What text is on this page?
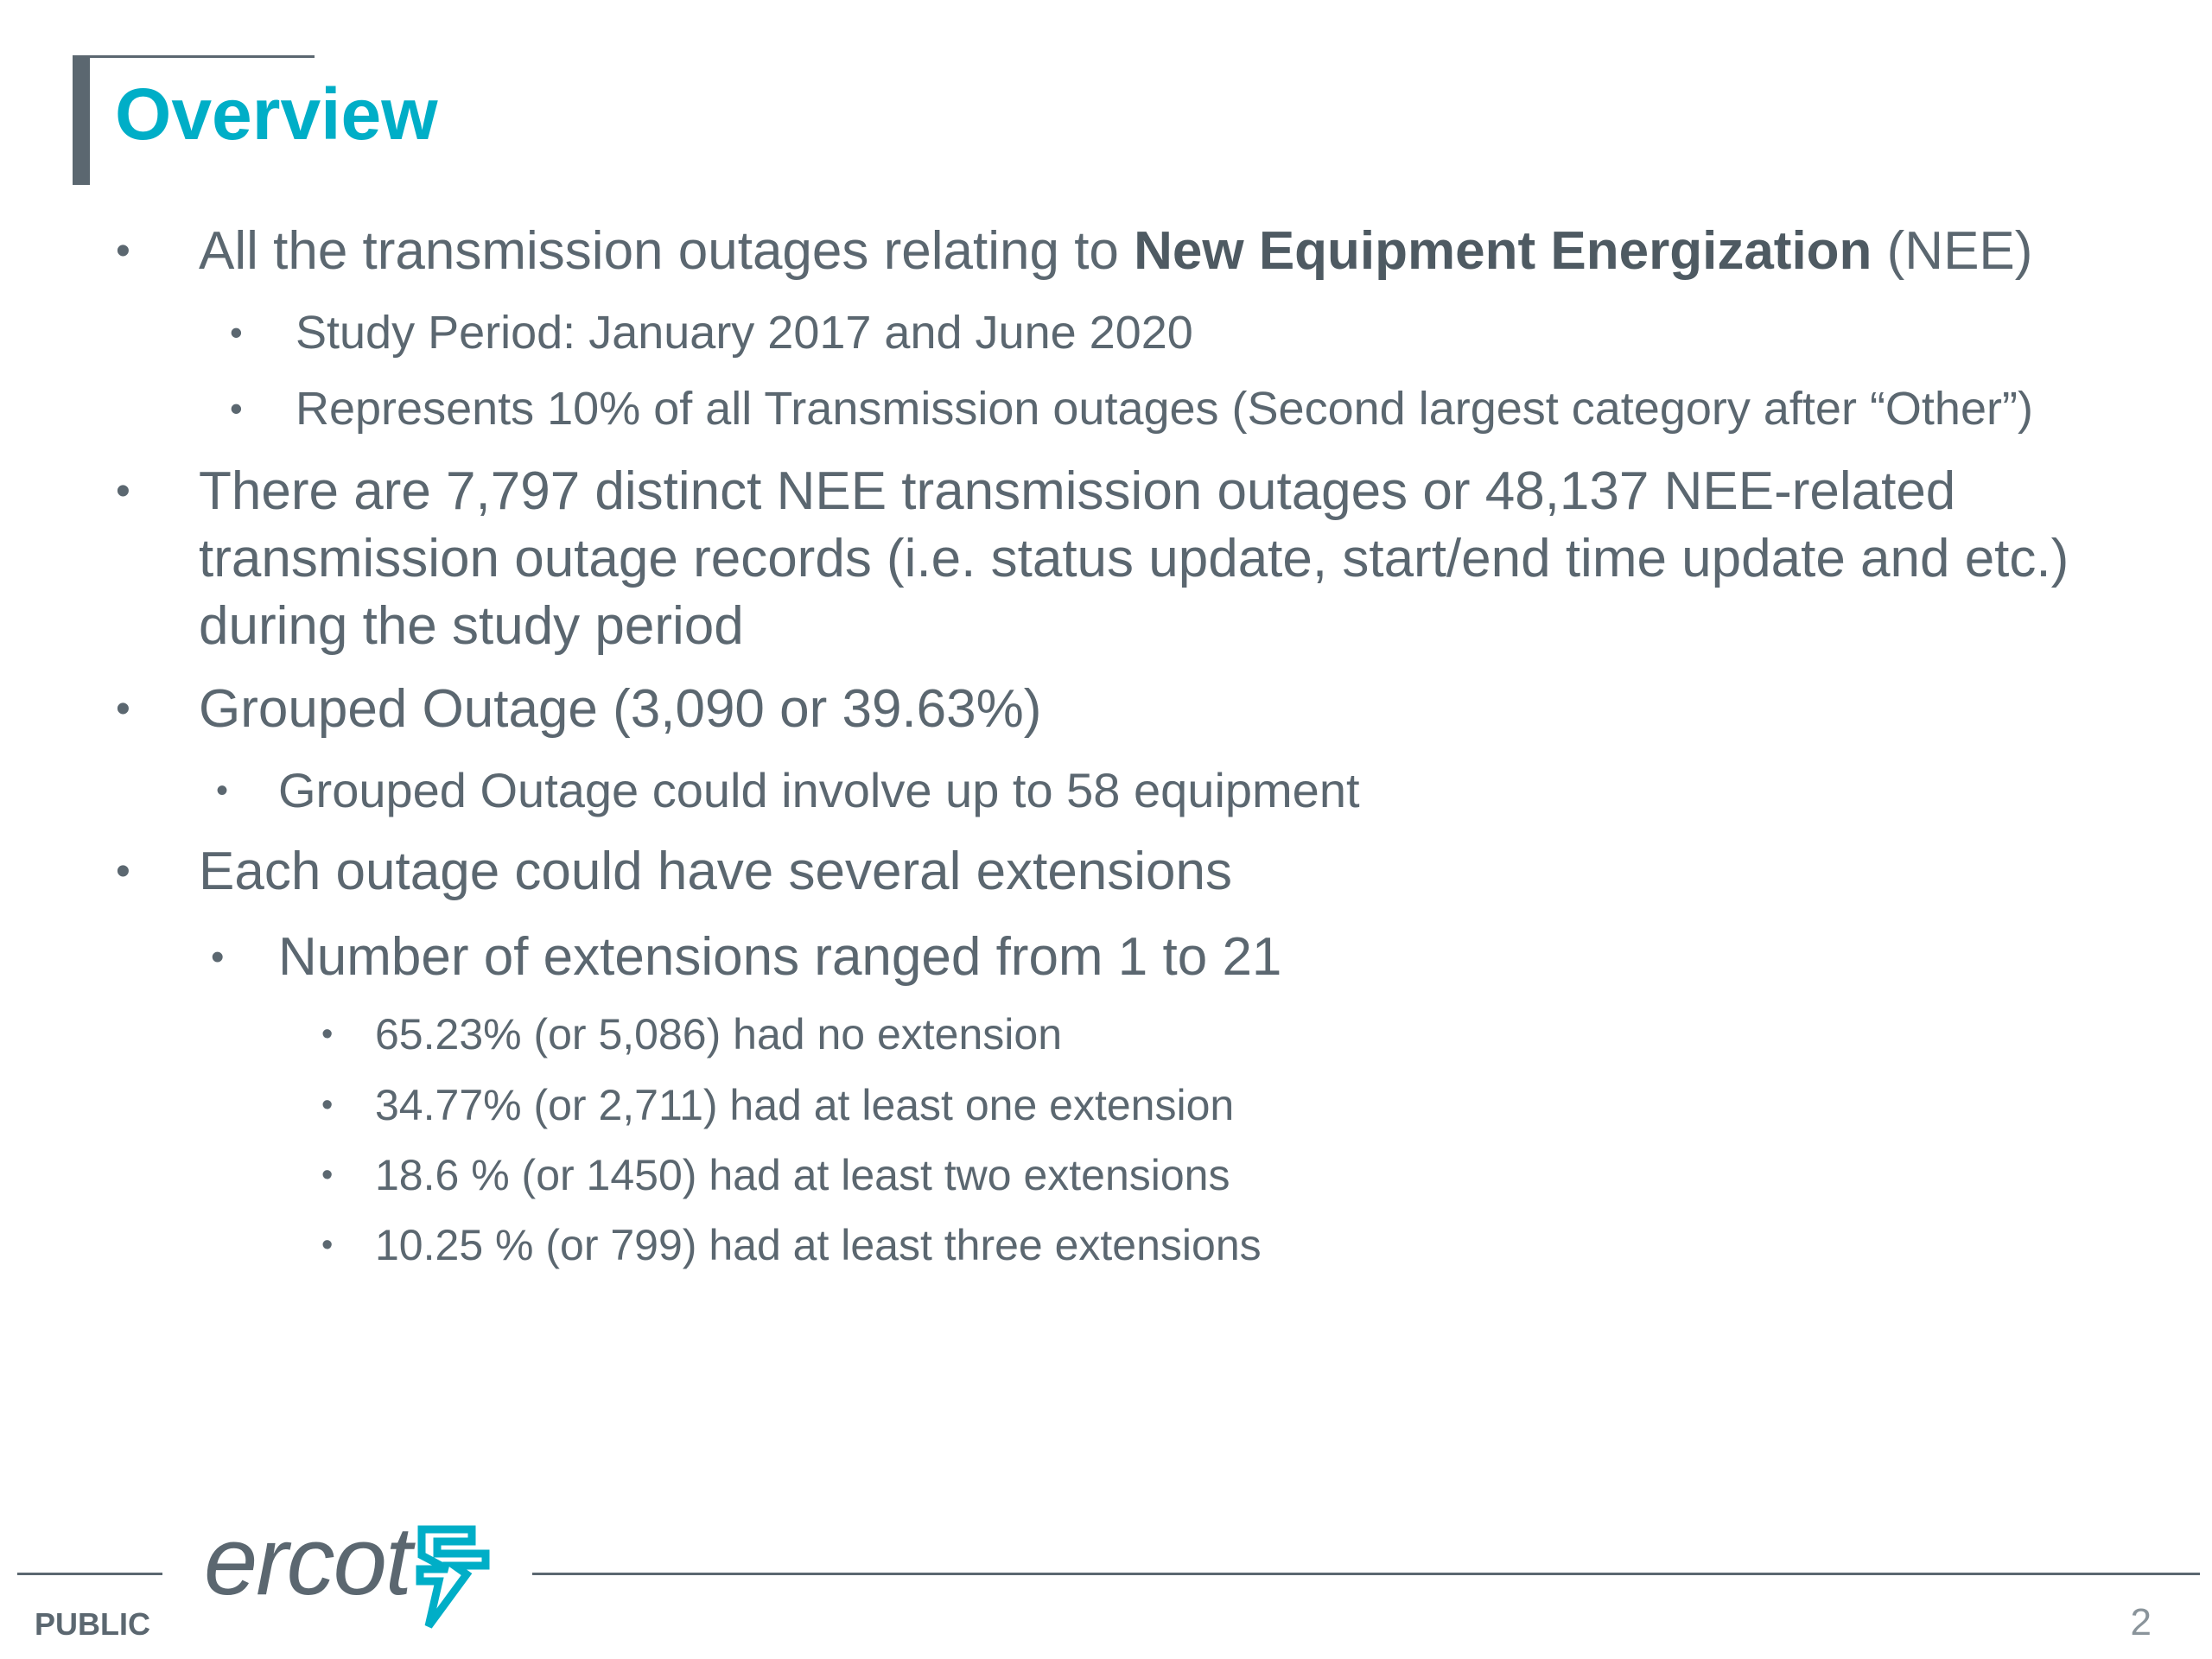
Overview

• All the transmission outages relating to New Equipment Energization (NEE)

• Study Period: January 2017 and June 2020

• Represents 10% of all Transmission outages (Second largest category after “Other”)

• There are 7,797 distinct NEE transmission outages or 48,137 NEE-related transmission outage records (i.e. status update, start/end time update and etc.) during the study period

• Grouped Outage (3,090 or 39.63%)

• Grouped Outage could involve up to 58 equipment

• Each outage could have several extensions

• Number of extensions ranged from 1 to 21

• 65.23% (or 5,086) had no extension

• 34.77% (or 2,711) had at least one extension

• 18.6 % (or 1450) had at least two extensions

• 10.25 % (or 799) had at least three extensions

ercot
PUBLIC	2
